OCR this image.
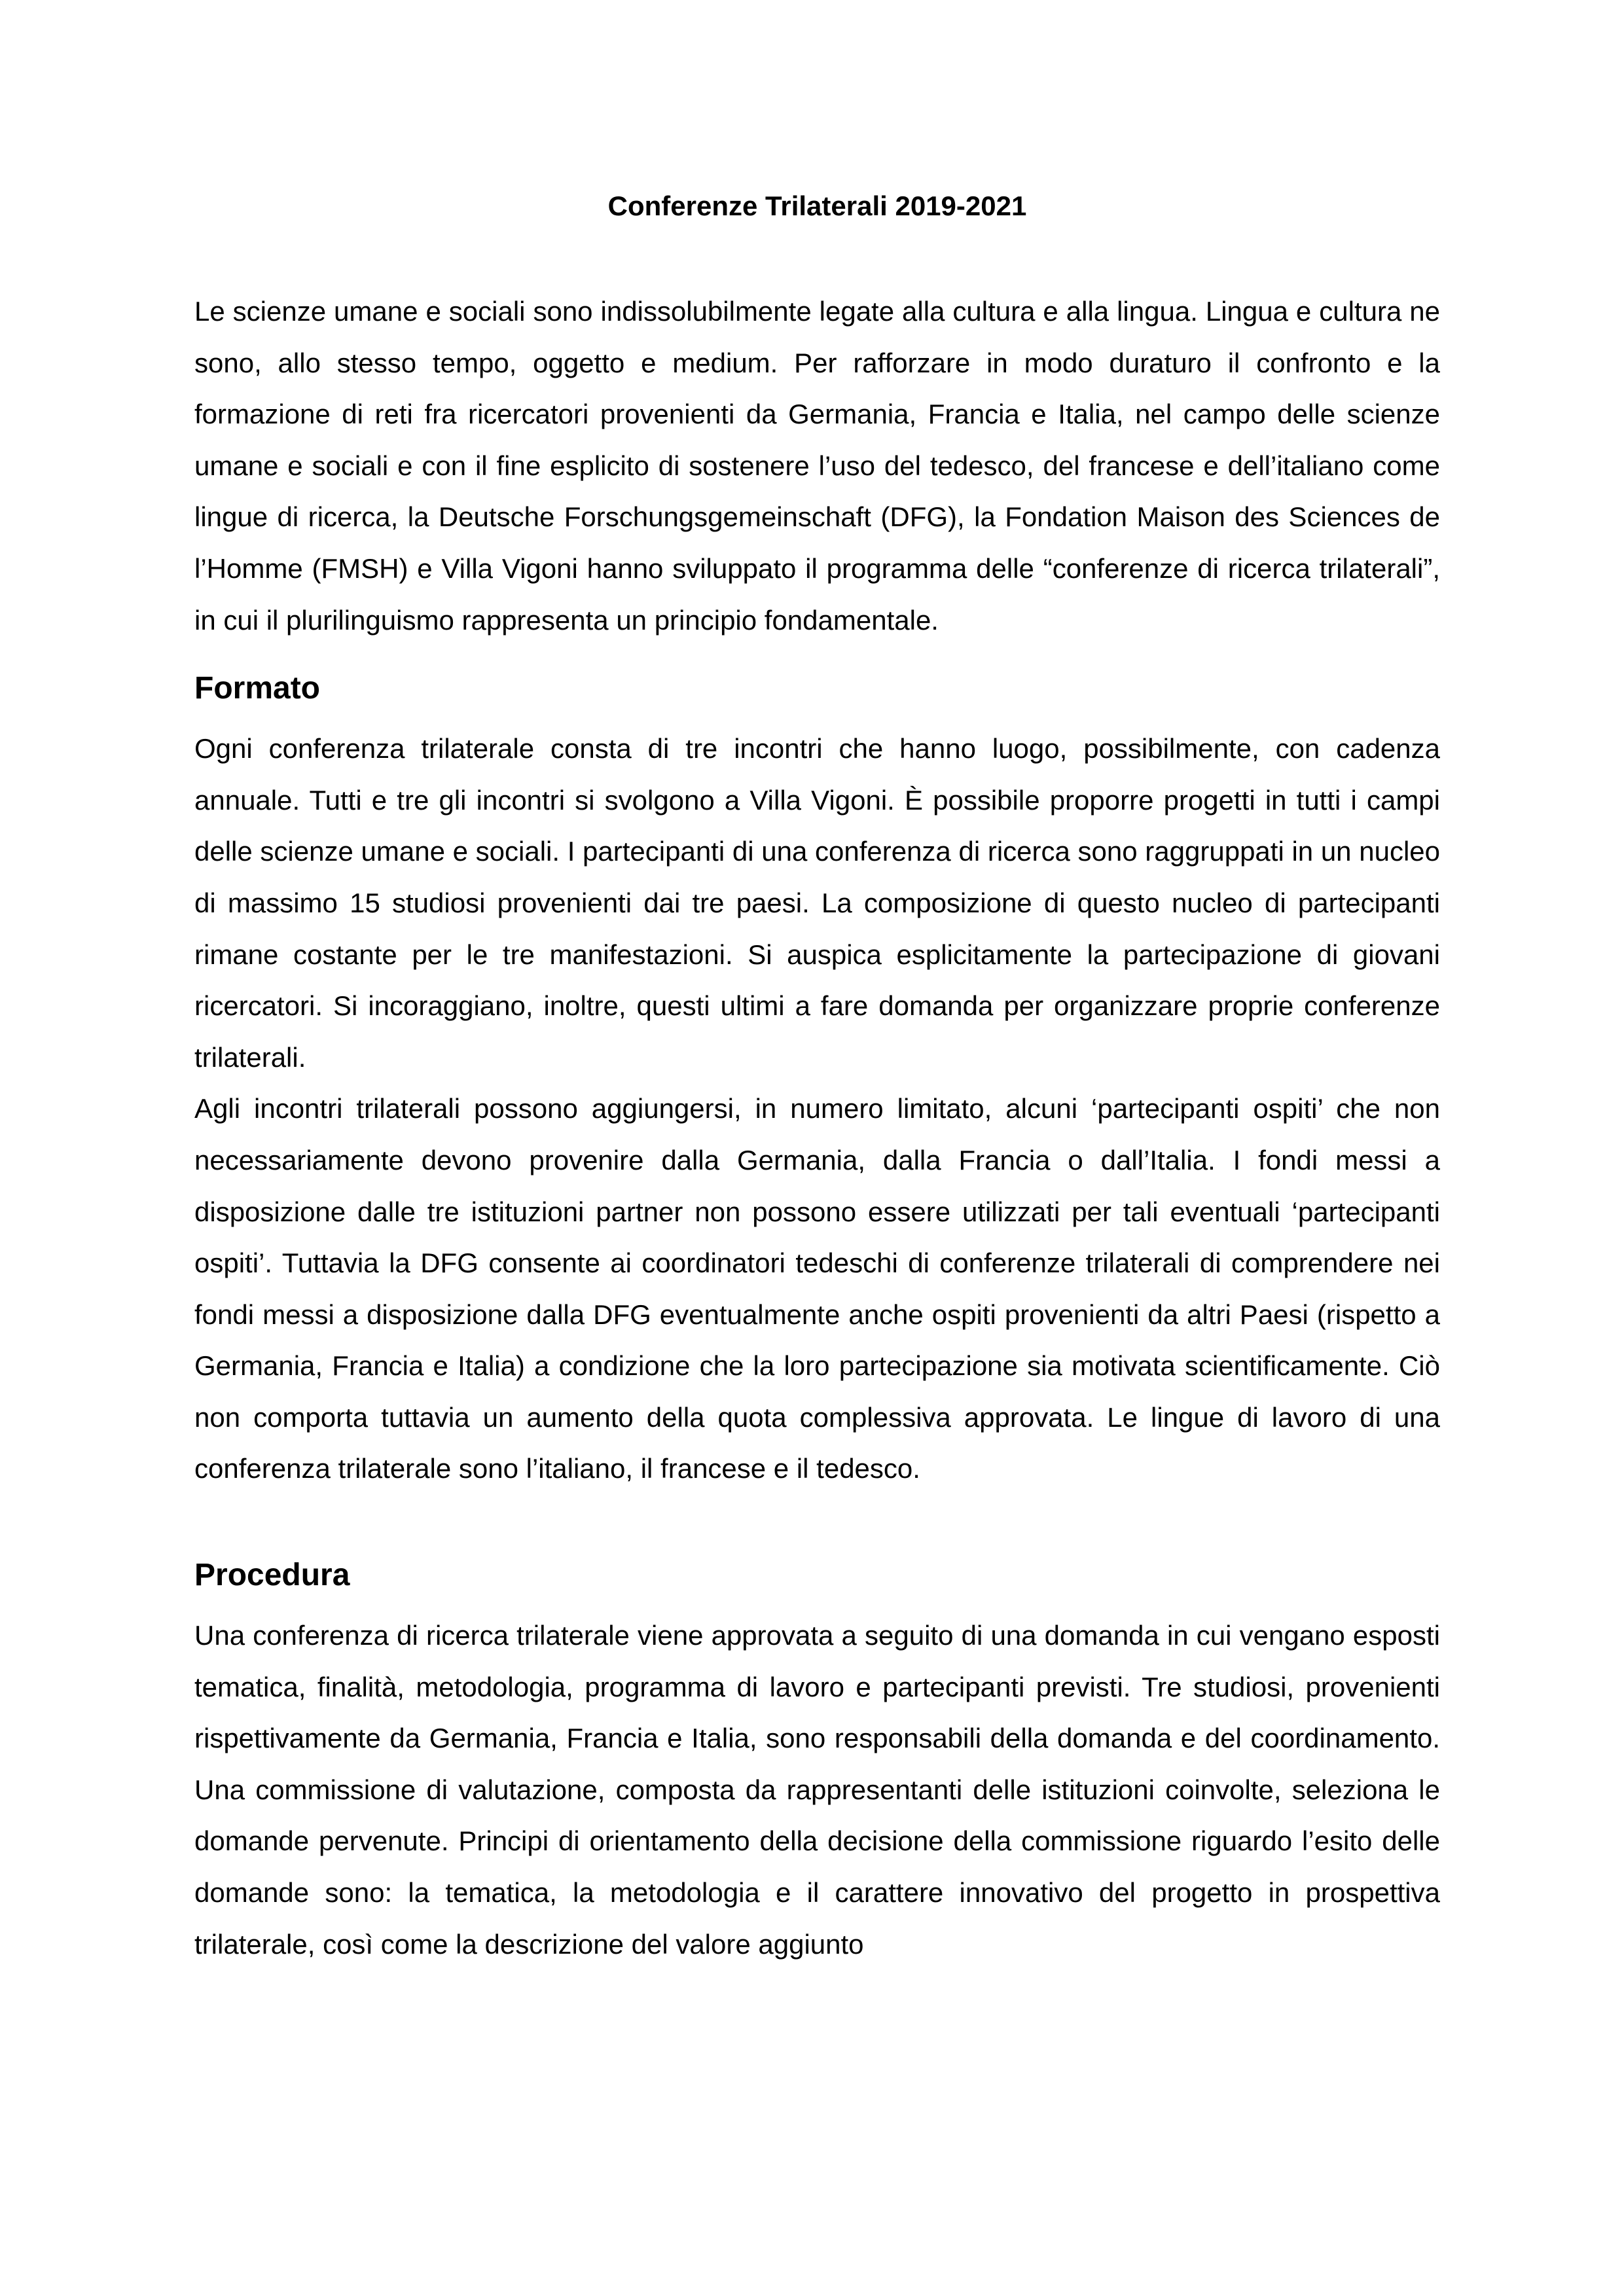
Conferenze Trilaterali 2019-2021

Le scienze umane e sociali sono indissolubilmente legate alla cultura e alla lingua. Lingua e cultura ne sono, allo stesso tempo, oggetto e medium. Per rafforzare in modo duraturo il confronto e la formazione di reti fra ricercatori provenienti da Germania, Francia e Italia, nel campo delle scienze umane e sociali e con il fine esplicito di sostenere l’uso del tedesco, del francese e dell’italiano come lingue di ricerca, la Deutsche Forschungsgemeinschaft (DFG), la Fondation Maison des Sciences de l’Homme (FMSH) e Villa Vigoni hanno sviluppato il programma delle “conferenze di ricerca trilaterali”, in cui il plurilinguismo rappresenta un principio fondamentale.

Formato

Ogni conferenza trilaterale consta di tre incontri che hanno luogo, possibilmente, con cadenza annuale. Tutti e tre gli incontri si svolgono a Villa Vigoni. È possibile proporre progetti in tutti i campi delle scienze umane e sociali. I partecipanti di una conferenza di ricerca sono raggruppati in un nucleo di massimo 15 studiosi provenienti dai tre paesi. La composizione di questo nucleo di partecipanti rimane costante per le tre manifestazioni. Si auspica esplicitamente la partecipazione di giovani ricercatori. Si incoraggiano, inoltre, questi ultimi a fare domanda per organizzare proprie conferenze trilaterali.

Agli incontri trilaterali possono aggiungersi, in numero limitato, alcuni ‘partecipanti ospiti’ che non necessariamente devono provenire dalla Germania, dalla Francia o dall’Italia. I fondi messi a disposizione dalle tre istituzioni partner non possono essere utilizzati per tali eventuali ‘partecipanti ospiti’. Tuttavia la DFG consente ai coordinatori tedeschi di conferenze trilaterali di comprendere nei fondi messi a disposizione dalla DFG eventualmente anche ospiti provenienti da altri Paesi (rispetto a Germania, Francia e Italia) a condizione che la loro partecipazione sia motivata scientificamente. Ciò non comporta tuttavia un aumento della quota complessiva approvata. Le lingue di lavoro di una conferenza trilaterale sono l’italiano, il francese e il tedesco.

Procedura

Una conferenza di ricerca trilaterale viene approvata a seguito di una domanda in cui vengano esposti tematica, finalità, metodologia, programma di lavoro e partecipanti previsti. Tre studiosi, provenienti rispettivamente da Germania, Francia e Italia, sono responsabili della domanda e del coordinamento. Una commissione di valutazione, composta da rappresentanti delle istituzioni coinvolte, seleziona le domande pervenute. Principi di orientamento della decisione della commissione riguardo l’esito delle domande sono: la tematica, la metodologia e il carattere innovativo del progetto in prospettiva trilaterale, così come la descrizione del valore aggiunto
